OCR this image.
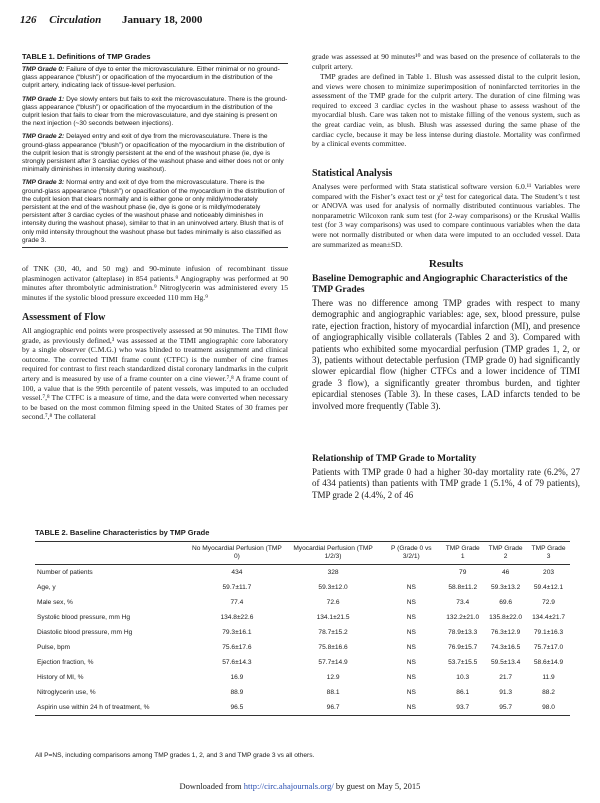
126 Circulation January 18, 2000
TABLE 1. Definitions of TMP Grades

TMP Grade 0: Failure of dye to enter the microvasculature. Either minimal or no ground-glass appearance (“blush”) or opacification of the myocardium in the distribution of the culprit artery, indicating lack of tissue-level perfusion.

TMP Grade 1: Dye slowly enters but fails to exit the microvasculature. There is the ground-glass appearance (“blush”) or opacification of the myocardium in the distribution of the culprit lesion that fails to clear from the microvasculature, and dye staining is present on the next injection (~30 seconds between injections).

TMP Grade 2: Delayed entry and exit of dye from the microvasculature. There is the ground-glass appearance (“blush”) or opacification of the myocardium in the distribution of the culprit lesion that is strongly persistent at the end of the washout phase (ie, dye is strongly persistent after 3 cardiac cycles of the washout phase and either does not or only minimally diminishes in intensity during washout).

TMP Grade 3: Normal entry and exit of dye from the microvasculature. There is the ground-glass appearance (“blush”) or opacification of the myocardium in the distribution of the culprit lesion that clears normally and is either gone or only mildly/moderately persistent at the end of the washout phase (ie, dye is gone or is mildly/moderately persistent after 3 cardiac cycles of the washout phase and noticeably diminishes in intensity during the washout phase), similar to that in an uninvolved artery. Blush that is of only mild intensity throughout the washout phase but fades minimally is also classified as grade 3.

of TNK (30, 40, and 50 mg) and 90-minute infusion of recombinant tissue plasminogen activator (alteplase) in 854 patients.⁹ Angiography was performed at 90 minutes after thrombolytic administration.⁹ Nitroglycerin was administered every 15 minutes if the systolic blood pressure exceeded 110 mm Hg.⁹
Assessment of Flow
All angiographic end points were prospectively assessed at 90 minutes. The TIMI flow grade, as previously defined,³ was assessed at the TIMI angiographic core laboratory by a single observer (C.M.G.) who was blinded to treatment assignment and clinical outcome. The corrected TIMI frame count (CTFC) is the number of cine frames required for contrast to first reach standardized distal coronary landmarks in the culprit artery and is measured by use of a frame counter on a cine viewer.⁷,⁸ A frame count of 100, a value that is the 99th percentile of patent vessels, was imputed to an occluded vessel.⁷,⁸ The CTFC is a measure of time, and the data were converted when necessary to be based on the most common filming speed in the United States of 30 frames per second.⁷,⁸ The collateral
grade was assessed at 90 minutes¹⁰ and was based on the presence of collaterals to the culprit artery.
TMP grades are defined in Table 1. Blush was assessed distal to the culprit lesion, and views were chosen to minimize superimposition of noninfarcted territories in the assessment of the TMP grade for the culprit artery. The duration of cine filming was required to exceed 3 cardiac cycles in the washout phase to assess washout of the myocardial blush. Care was taken not to mistake filling of the venous system, such as the great cardiac vein, as blush. Blush was assessed during the same phase of the cardiac cycle, because it may be less intense during diastole. Mortality was confirmed by a clinical events committee.
Statistical Analysis
Analyses were performed with Stata statistical software version 6.0.¹¹ Variables were compared with the Fisher’s exact test or χ² test for categorical data. The Student’s t test or ANOVA was used for analysis of normally distributed continuous variables. The nonparametric Wilcoxon rank sum test (for 2-way comparisons) or the Kruskal Wallis test (for 3 way comparisons) was used to compare continuous variables when the data were not normally distributed or when data were imputed to an occluded vessel. Data are summarized as mean±SD.
Results
Baseline Demographic and Angiographic Characteristics of the TMP Grades
There was no difference among TMP grades with respect to many demographic and angiographic variables: age, sex, blood pressure, pulse rate, ejection fraction, history of myocardial infarction (MI), and presence of angiographically visible collaterals (Tables 2 and 3). Compared with patients who exhibited some myocardial perfusion (TMP grades 1, 2, or 3), patients without detectable perfusion (TMP grade 0) had significantly slower epicardial flow (higher CTFCs and a lower incidence of TIMI grade 3 flow), a significantly greater thrombus burden, and tighter epicardial stenoses (Table 3). In these cases, LAD infarcts tended to be involved more frequently (Table 3).
Relationship of TMP Grade to Mortality
Patients with TMP grade 0 had a higher 30-day mortality rate (6.2%, 27 of 434 patients) than patients with TMP grade 1 (5.1%, 4 of 79 patients), TMP grade 2 (4.4%, 2 of 46
TABLE 2. Baseline Characteristics by TMP Grade
	No Myocardial Perfusion (TMP 0)	Myocardial Perfusion (TMP 1/2/3)	P (Grade 0 vs 3/2/1)	TMP Grade 1	TMP Grade 2	TMP Grade 3
Number of patients	434	328		79	46	203
Age, y	59.7±11.7	59.3±12.0	NS	58.8±11.2	59.3±13.2	59.4±12.1
Male sex, %	77.4	72.6	NS	73.4	69.6	72.9
Systolic blood pressure, mm Hg	134.8±22.6	134.1±21.5	NS	132.2±21.0	135.8±22.0	134.4±21.7
Diastolic blood pressure, mm Hg	79.3±16.1	78.7±15.2	NS	78.9±13.3	76.3±12.9	79.1±16.3
Pulse, bpm	75.6±17.6	75.8±16.6	NS	76.9±15.7	74.3±16.5	75.7±17.0
Ejection fraction, %	57.6±14.3	57.7±14.9	NS	53.7±15.5	59.5±13.4	58.6±14.9
History of MI, %	16.9	12.9	NS	10.3	21.7	11.9
Nitroglycerin use, %	88.9	88.1	NS	86.1	91.3	88.2
Aspirin use within 24 h of treatment, %	96.5	96.7	NS	93.7	95.7	98.0
All P=NS, including comparisons among TMP grades 1, 2, and 3 and TMP grade 3 vs all others.
Downloaded from http://circ.ahajournals.org/ by guest on May 5, 2015
